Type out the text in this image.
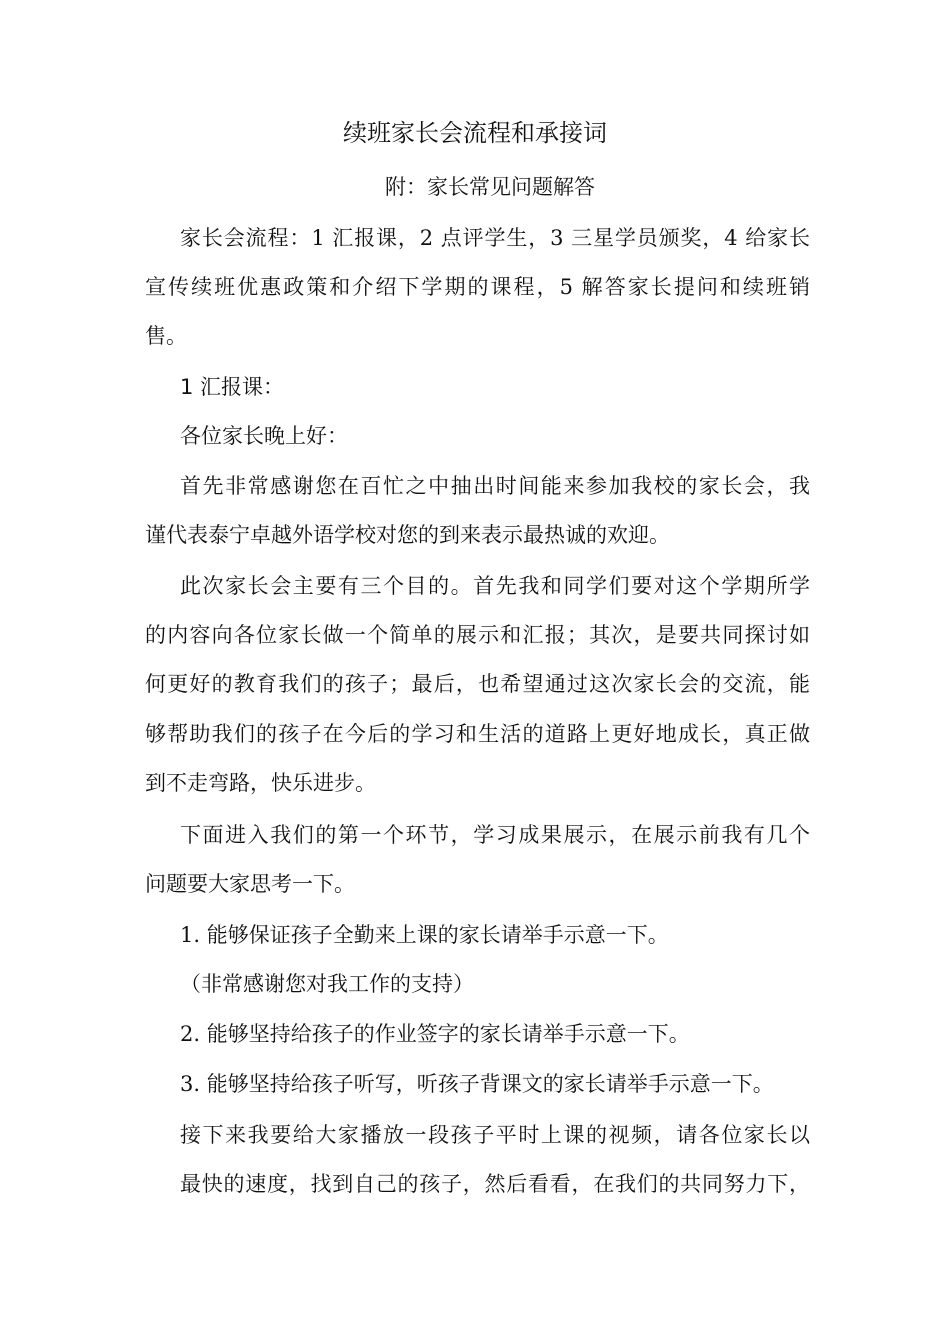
续班家长会流程和承接词
附：家长常见问题解答
家长会流程：1 汇报课，2 点评学生，3 三星学员颁奖，4 给家长
宣传续班优惠政策和介绍下学期的课程，5 解答家长提问和续班销
售。
1 汇报课：
各位家长晚上好：
首先非常感谢您在百忙之中抽出时间能来参加我校的家长会，我
谨代表泰宁卓越外语学校对您的到来表示最热诚的欢迎。
此次家长会主要有三个目的。首先我和同学们要对这个学期所学
的内容向各位家长做一个简单的展示和汇报；其次，是要共同探讨如
何更好的教育我们的孩子；最后，也希望通过这次家长会的交流，能
够帮助我们的孩子在今后的学习和生活的道路上更好地成长，真正做
到不走弯路，快乐进步。
下面进入我们的第一个环节，学习成果展示，在展示前我有几个
问题要大家思考一下。
1. 能够保证孩子全勤来上课的家长请举手示意一下。
（非常感谢您对我工作的支持）
2. 能够坚持给孩子的作业签字的家长请举手示意一下。
3. 能够坚持给孩子听写，听孩子背课文的家长请举手示意一下。
接下来我要给大家播放一段孩子平时上课的视频，请各位家长以
最快的速度，找到自己的孩子，然后看看，在我们的共同努力下，
